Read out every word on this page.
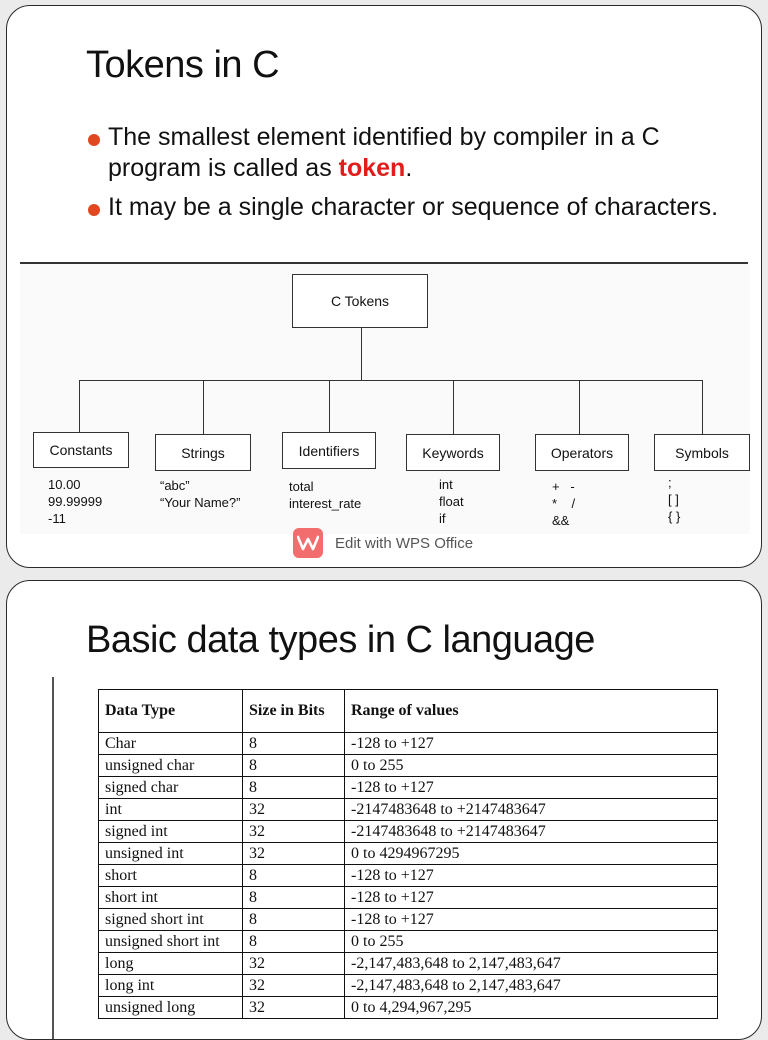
Tokens in C
The smallest element identified by compiler in a C program is called as token.
It may be a single character or sequence of characters.
C Tokens
Constants	Strings	Identifiers	Keywords	Operators	Symbols
10.00
99.99999
-11
“abc”
“Your Name?”
total
interest_rate
int
float
if
+   -
*    /
&&
;
[ ]
{ }
Edit with WPS Office
Basic data types in C language
Data Type	Size in Bits	Range of values
Char	8	-128 to +127
unsigned char	8	0 to 255
signed char	8	-128 to +127
int	32	-2147483648 to +2147483647
signed int	32	-2147483648 to +2147483647
unsigned int	32	0 to 4294967295
short	8	-128 to +127
short int	8	-128 to +127
signed short int	8	-128 to +127
unsigned short int	8	0 to 255
long	32	-2,147,483,648 to 2,147,483,647
long int	32	-2,147,483,648 to 2,147,483,647
unsigned long	32	0 to 4,294,967,295
